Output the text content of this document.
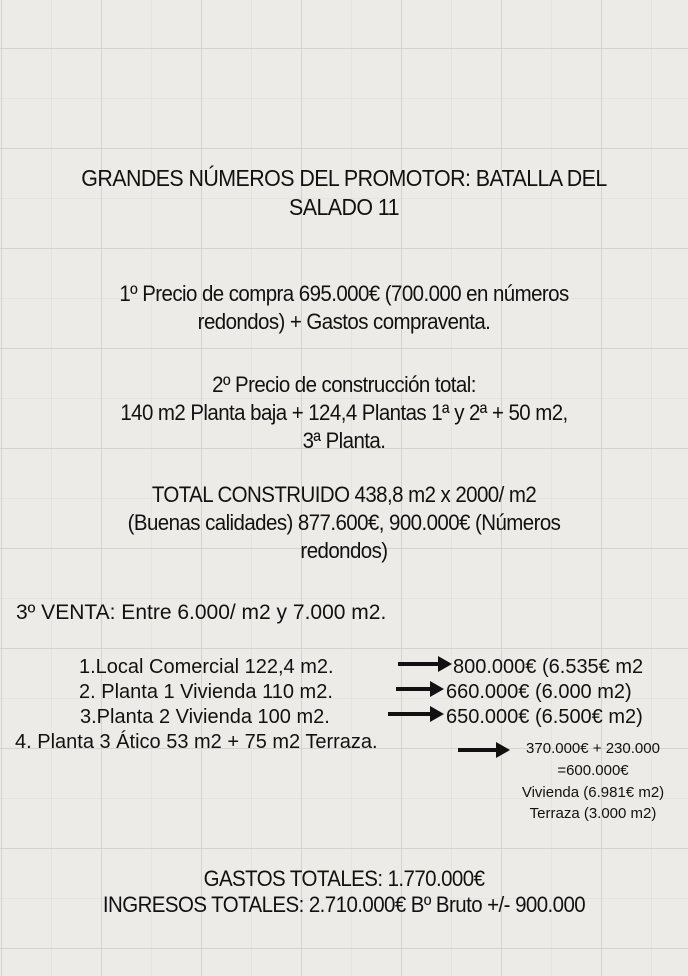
GRANDES NÚMEROS DEL PROMOTOR: BATALLA DEL
SALADO 11
1º Precio de compra 695.000€ (700.000 en números
redondos) + Gastos compraventa.
2º Precio de construcción total:
140 m2 Planta baja + 124,4 Plantas 1ª y 2ª + 50 m2,
3ª Planta.
TOTAL CONSTRUIDO 438,8 m2 x 2000/ m2
(Buenas calidades) 877.600€, 900.000€ (Números
redondos)
3º VENTA: Entre 6.000/ m2 y 7.000 m2.
1.Local Comercial 122,4 m2.	800.000€ (6.535€ m2
2. Planta 1 Vivienda 110 m2.	660.000€ (6.000 m2)
3.Planta 2 Vivienda 100 m2.	650.000€ (6.500€ m2)
4. Planta 3 Ático 53 m2 + 75 m2 Terraza.	370.000€ + 230.000
=600.000€
Vivienda (6.981€ m2)
Terraza (3.000 m2)
GASTOS TOTALES: 1.770.000€
INGRESOS TOTALES: 2.710.000€ Bº Bruto +/- 900.000
